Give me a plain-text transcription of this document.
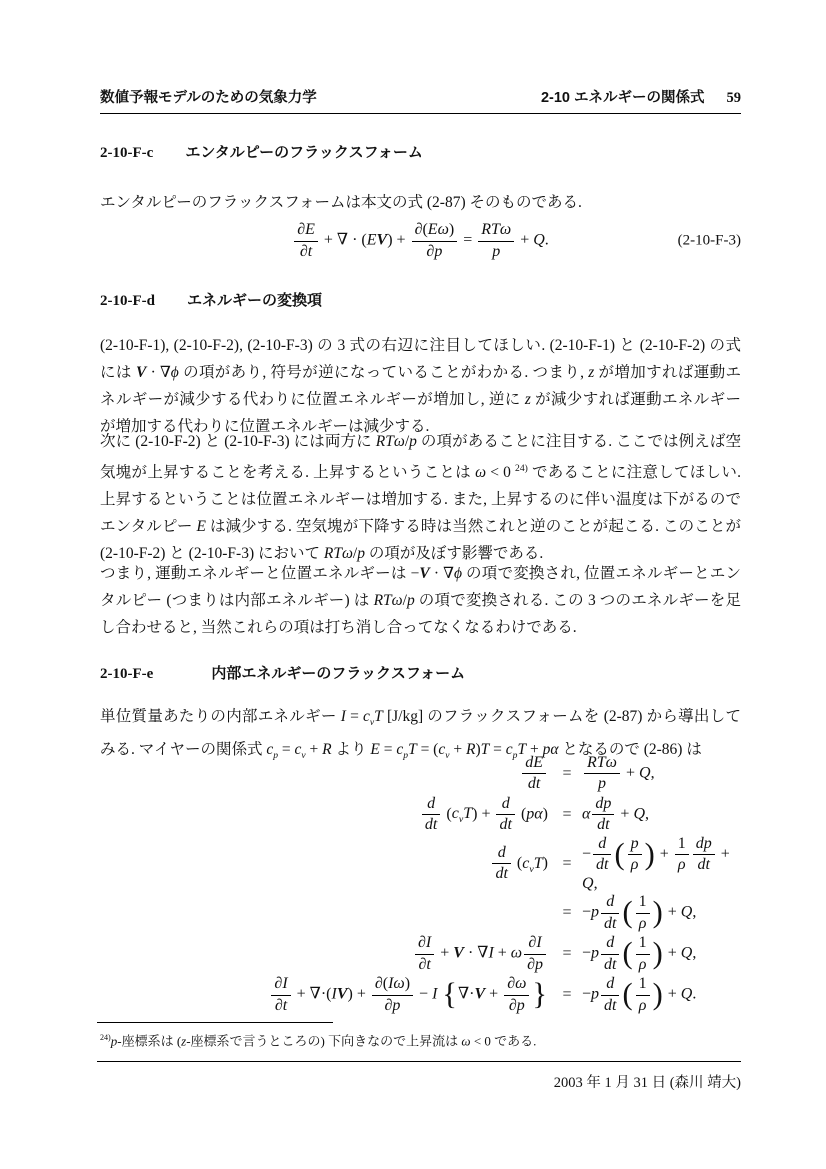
数値予報モデルのための気象力学	2-10 エネルギーの関係式 59
2-10-F-c エンタルピーのフラックスフォーム

エンタルピーのフラックスフォームは本文の式 (2-87) そのものである.

$\frac{\partial E}{\partial t}$ + ∇ · $(EV) + \frac{\partial(E\omega)}{\partial p}$ =
RTω
p
+ Q.	(2-10-F-3)
2-10-F-d エネルギーの変換項

(2-10-F-1), (2-10-F-2), (2-10-F-3) の 3 式の右辺に注目してほしい. (2-10-F-1) と (2-10-F-2) の式には V · ∇ϕ の項があり, 符号が逆になっていることがわかる. つまり, z が増加すれば運動エネルギーが減少する代わりに位置エネルギーが増加し, 逆に z が減少すれば運動エネルギーが増加する代わりに位置エネルギーは減少する.

次に (2-10-F-2) と (2-10-F-3) には両方に RTω/p の項があることに注目する. ここでは例えば空気塊が上昇することを考える. 上昇するということは ω < 0 $^{24)}$ であることに注意してほしい. 上昇するということは位置エネルギーは増加する. また, 上昇するのに伴い温度は下がるのでエンタルピー E は減少する. 空気塊が下降する時は当然これと逆のことが起こる. このことが (2-10-F-2) と (2-10-F-3) において RTω/p の項が及ぼす影響である.

つまり, 運動エネルギーと位置エネルギーは −V · ∇ϕ の項で変換され, 位置エネルギーとエンタルピー (つまりは内部エネルギー) は RTω/p の項で変換される. この 3 つのエネルギーを足し合わせると, 当然これらの項は打ち消し合ってなくなるわけである.

2-10-F-e	内部エネルギーのフラックスフォーム

単位質量あたりの内部エネルギー $I = c_vT$ [J/kg] のフラックスフォームを (2-87) から導出してみる. マイヤーの関係式 $c_p = c_v + R$ より $E = c_pT = (c_v + R)T = c_pT + p\alpha$ となるので (2-86) は

$\frac{dE}{dt}$	=
RTω
p
+ Q,
$\frac{d}{dt} (c_vT) + \frac{d}{dt} (p\alpha) = \alpha \frac{dp}{dt} + Q$,
$\frac{d}{dt} (c_vT)$ =
− $\frac{d}{dt}$ ( $\frac{p}{\rho}$ ) + $\frac{1}{\rho} \frac{dp}{dt} + Q$,
= $-p \frac{d}{dt}$ ( $\frac{1}{\rho}$ ) + Q,
$\frac{\partial I}{\partial t} + V \cdot \nabla I + \omega \frac{\partial I}{\partial p}$	= $-p \frac{d}{dt}$ ( $\frac{1}{\rho}$ ) + Q,
$\frac{\partial I}{\partial t} + \nabla\cdot(IV) + \frac{\partial(I\omega)}{\partial p} - I$ {$\nabla\cdot V + \frac{\partial\omega}{\partial p}$ } = $-p \frac{d}{dt}$ ( $\frac{1}{\rho}$ ) + Q.

$^{24)}$p-座標系は (z-座標系で言うところの) 下向きなので上昇流は ω < 0 である.

2003 年 1 月 31 日 (森川 靖大)
